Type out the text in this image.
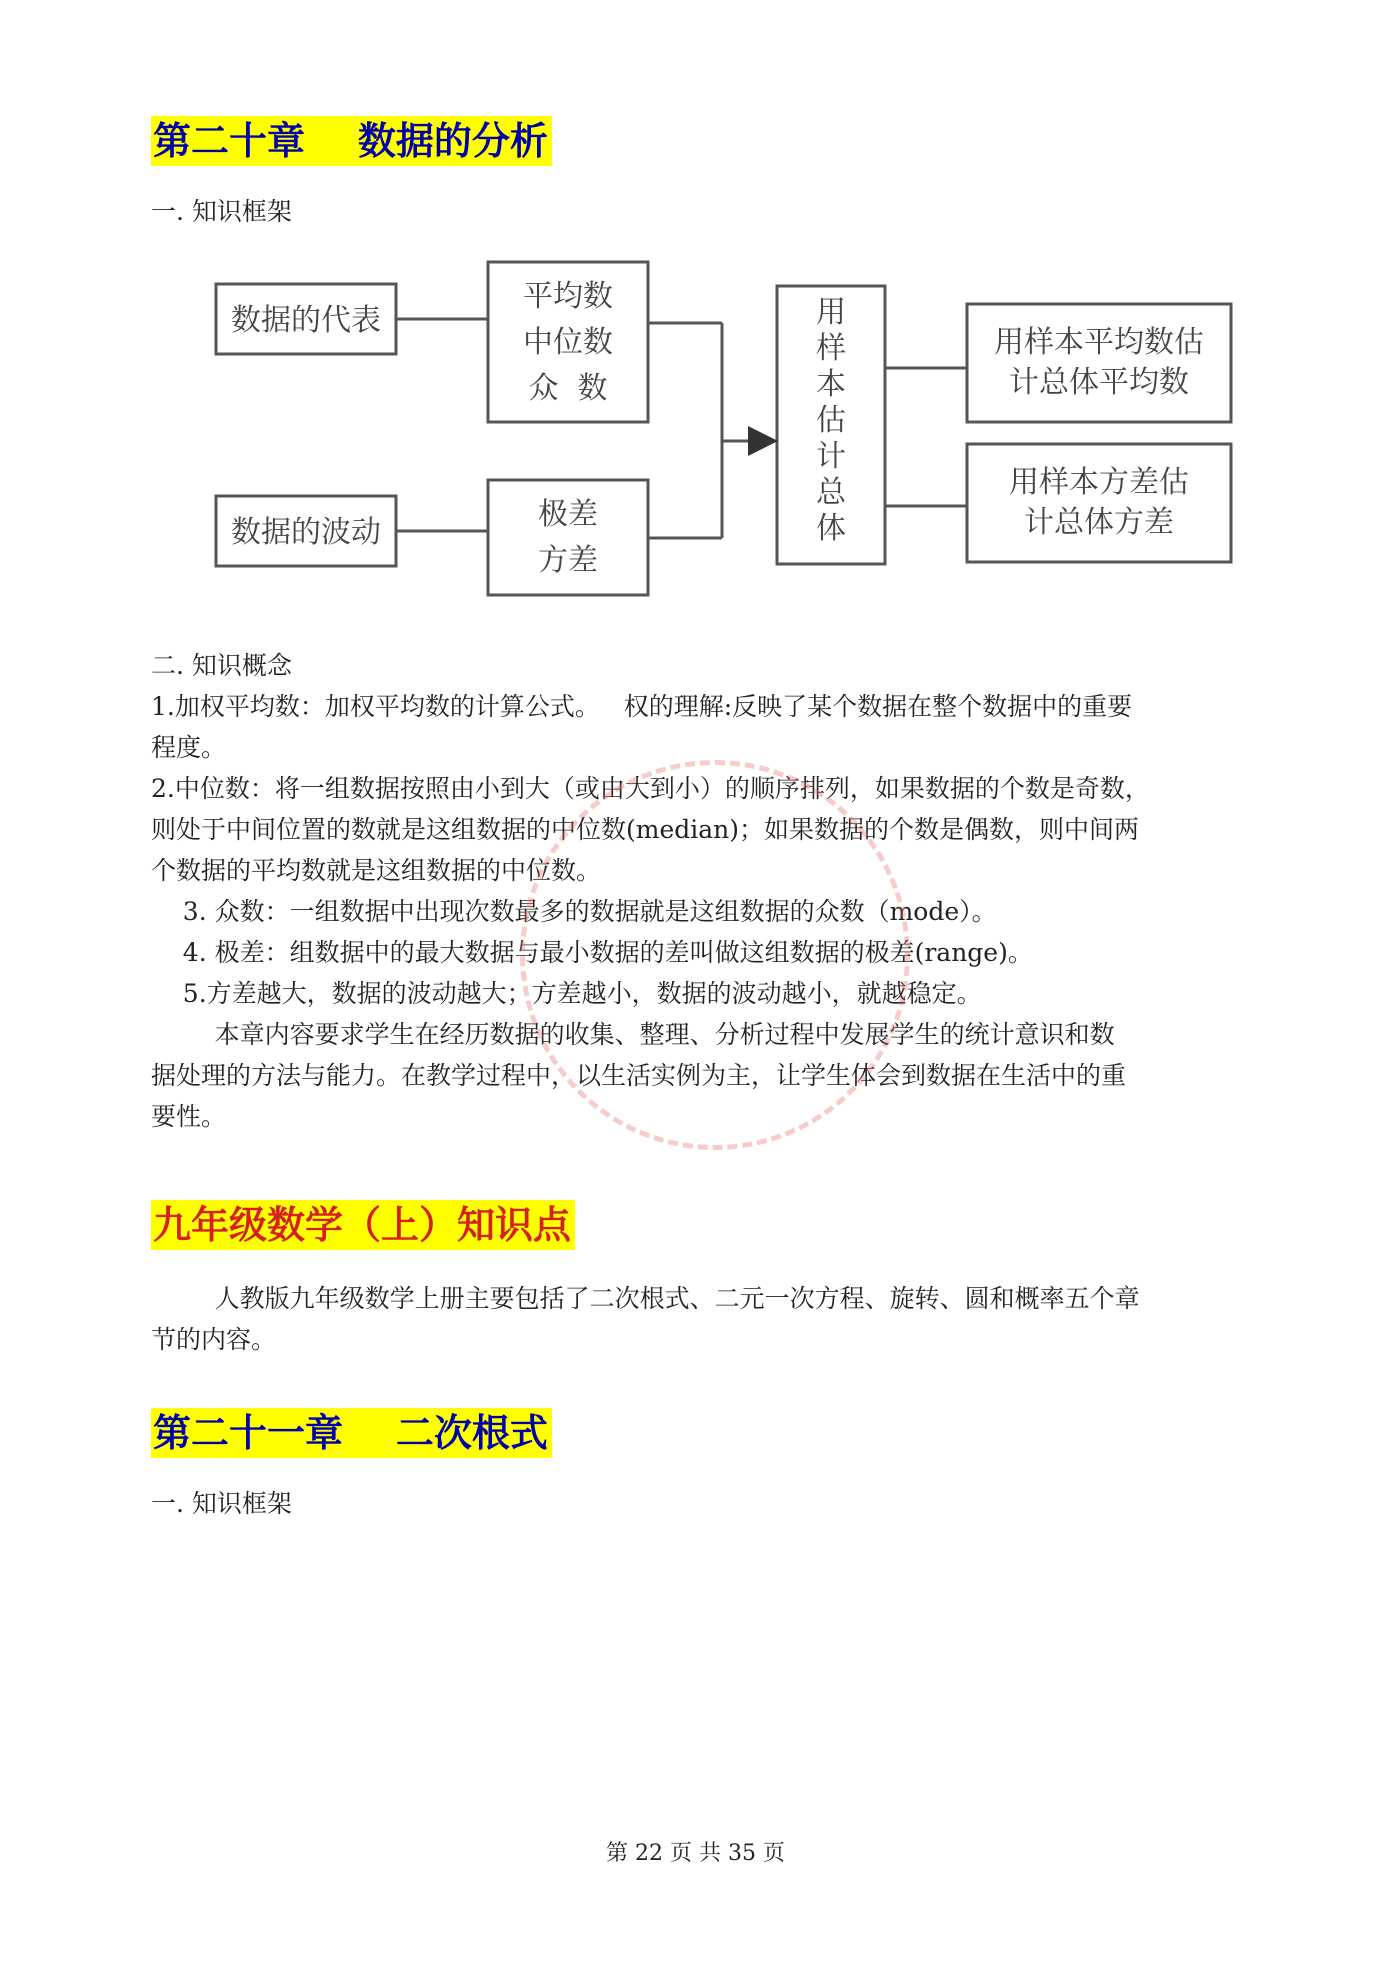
第二十章    数据的分析
一. 知识框架
数据的代表
平均数
中位数
众  数
数据的波动
极差
方差
用
样
本
估
计
总
体
用样本平均数估
计总体平均数
用样本方差估
计总体方差
二. 知识概念
1.加权平均数：加权平均数的计算公式。   权的理解:反映了某个数据在整个数据中的重要
程度。
2.中位数：将一组数据按照由小到大（或由大到小）的顺序排列，如果数据的个数是奇数，
则处于中间位置的数就是这组数据的中位数(median)；如果数据的个数是偶数，则中间两
个数据的平均数就是这组数据的中位数。
3. 众数：一组数据中出现次数最多的数据就是这组数据的众数（mode）。
4. 极差：组数据中的最大数据与最小数据的差叫做这组数据的极差(range)。
5.方差越大，数据的波动越大；方差越小，数据的波动越小，就越稳定。
本章内容要求学生在经历数据的收集、整理、分析过程中发展学生的统计意识和数
据处理的方法与能力。在教学过程中，以生活实例为主，让学生体会到数据在生活中的重
要性。
九年级数学（上）知识点
人教版九年级数学上册主要包括了二次根式、二元一次方程、旋转、圆和概率五个章
节的内容。
第二十一章    二次根式
一. 知识框架
第 22 页 共 35 页
